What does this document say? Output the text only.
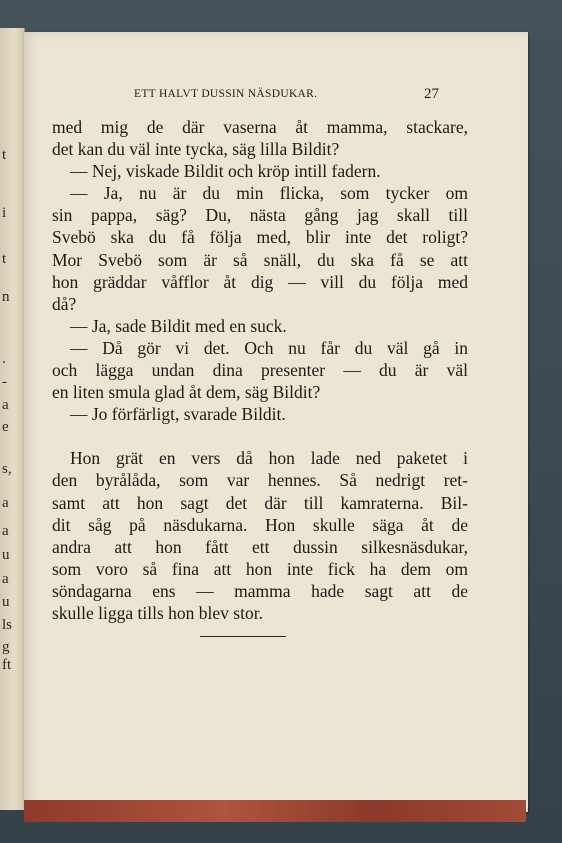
t
i
t
n
.
-
a
e
s,
a
a
u
a
u
ls
g
ft
ETT HALVT DUSSIN NÄSDUKAR.	27
med mig de där vaserna åt mamma, stackare,
det kan du väl inte tycka, säg lilla Bildit?
— Nej, viskade Bildit och kröp intill fadern.
— Ja, nu är du min flicka, som tycker om
sin pappa, säg? Du, nästa gång jag skall till
Svebö ska du få följa med, blir inte det roligt?
Mor Svebö som är så snäll, du ska få se att
hon gräddar våfflor åt dig — vill du följa med
då?
— Ja, sade Bildit med en suck.
— Då gör vi det. Och nu får du väl gå in
och lägga undan dina presenter — du är väl
en liten smula glad åt dem, säg Bildit?
— Jo förfärligt, svarade Bildit.
Hon grät en vers då hon lade ned paketet i
den byrålåda, som var hennes. Så nedrigt ret-
samt att hon sagt det där till kamraterna. Bil-
dit såg på näsdukarna. Hon skulle säga åt de
andra att hon fått ett dussin silkesnäsdukar,
som voro så fina att hon inte fick ha dem om
söndagarna ens — mamma hade sagt att de
skulle ligga tills hon blev stor.
